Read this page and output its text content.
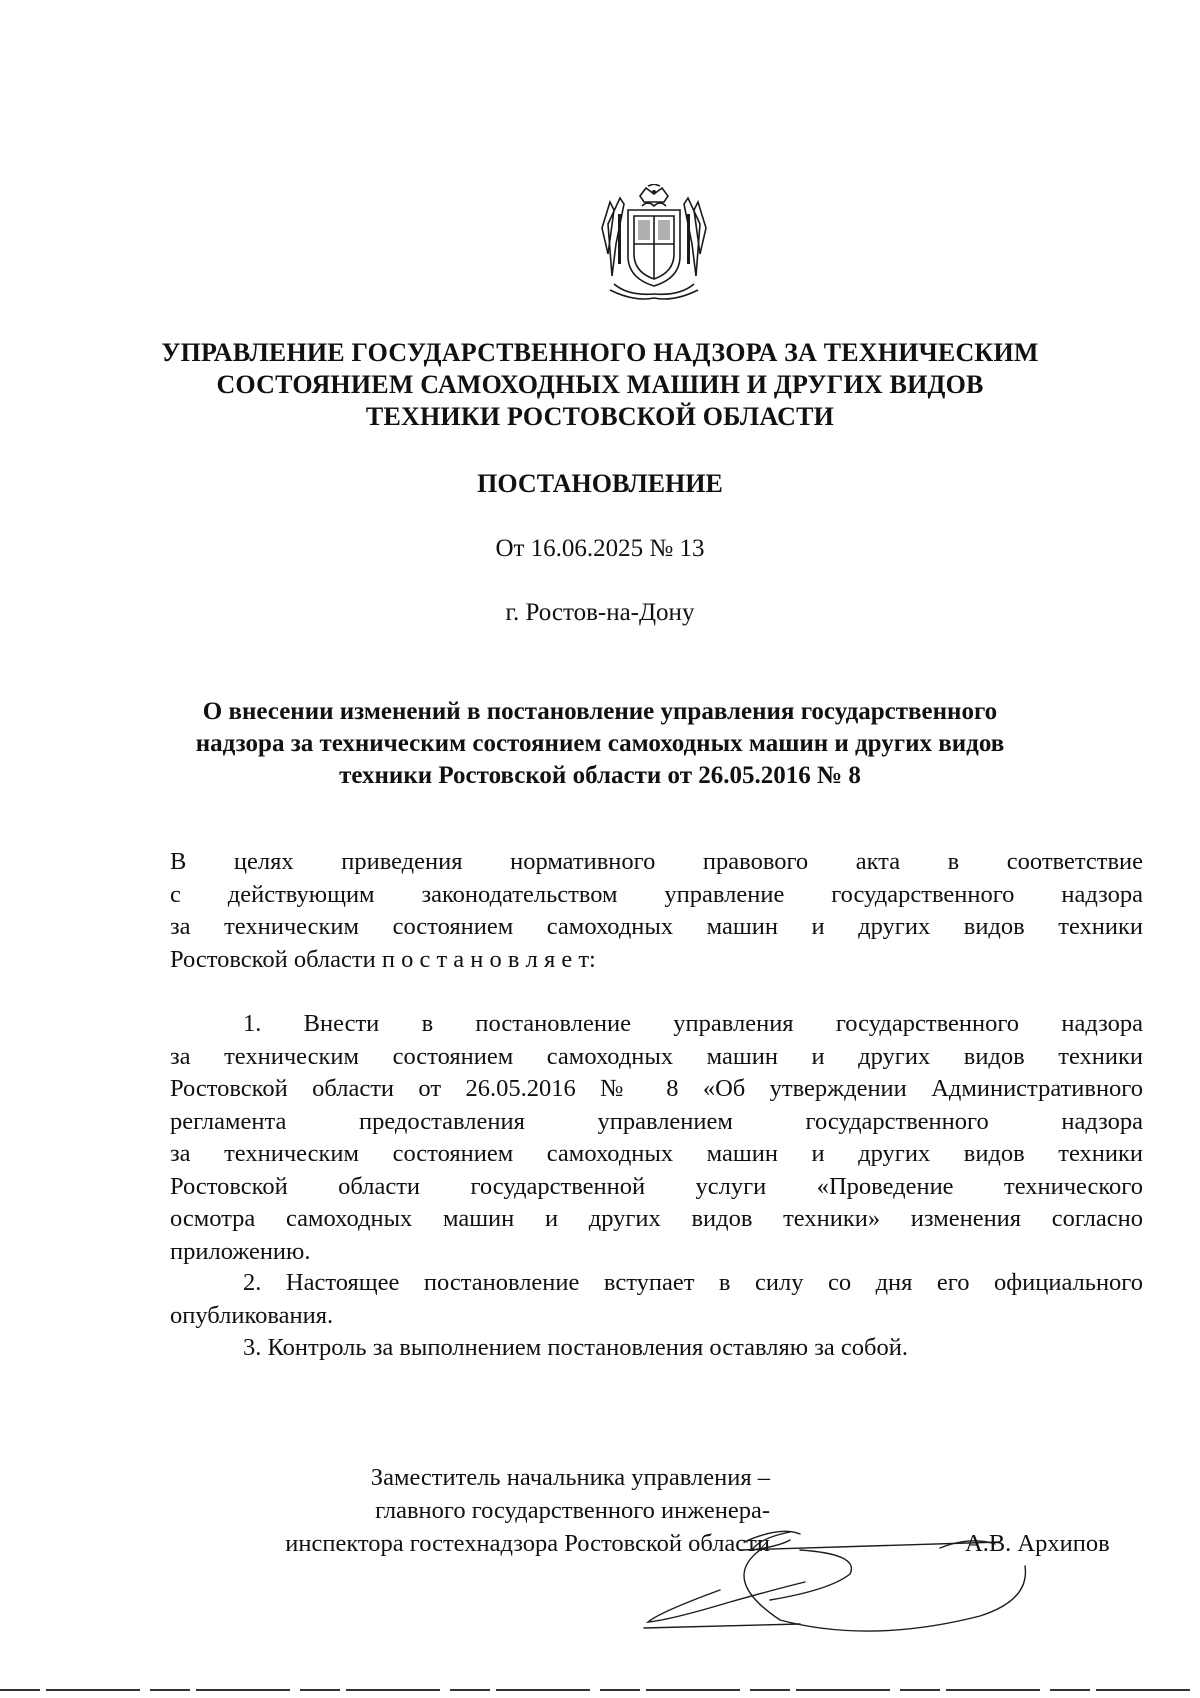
УПРАВЛЕНИЕ ГОСУДАРСТВЕННОГО НАДЗОРА ЗА ТЕХНИЧЕСКИМ
СОСТОЯНИЕМ САМОХОДНЫХ МАШИН И ДРУГИХ ВИДОВ
ТЕХНИКИ РОСТОВСКОЙ ОБЛАСТИ
ПОСТАНОВЛЕНИЕ
От 16.06.2025 № 13
г. Ростов-на-Дону
О внесении изменений в постановление управления государственного
надзора за техническим состоянием самоходных машин и других видов
техники Ростовской области от 26.05.2016 № 8
В целях приведения нормативного правового акта в соответствие
с действующим законодательством управление государственного надзора
за техническим состоянием самоходных машин и других видов техники
Ростовской области п о с т а н о в л я е т:
1. Внести в постановление управления государственного надзора
за техническим состоянием самоходных машин и других видов техники
Ростовской области от 26.05.2016 № 8 «Об утверждении Административного
регламента предоставления управлением государственного надзора
за техническим состоянием самоходных машин и других видов техники
Ростовской области государственной услуги «Проведение технического
осмотра самоходных машин и других видов техники» изменения согласно
приложению.
2. Настоящее постановление вступает в силу со дня его официального
опубликования.
3. Контроль за выполнением постановления оставляю за собой.
Заместитель начальника управления –
главного государственного инженера-
инспектора гостехнадзора Ростовской области	А.В. Архипов
